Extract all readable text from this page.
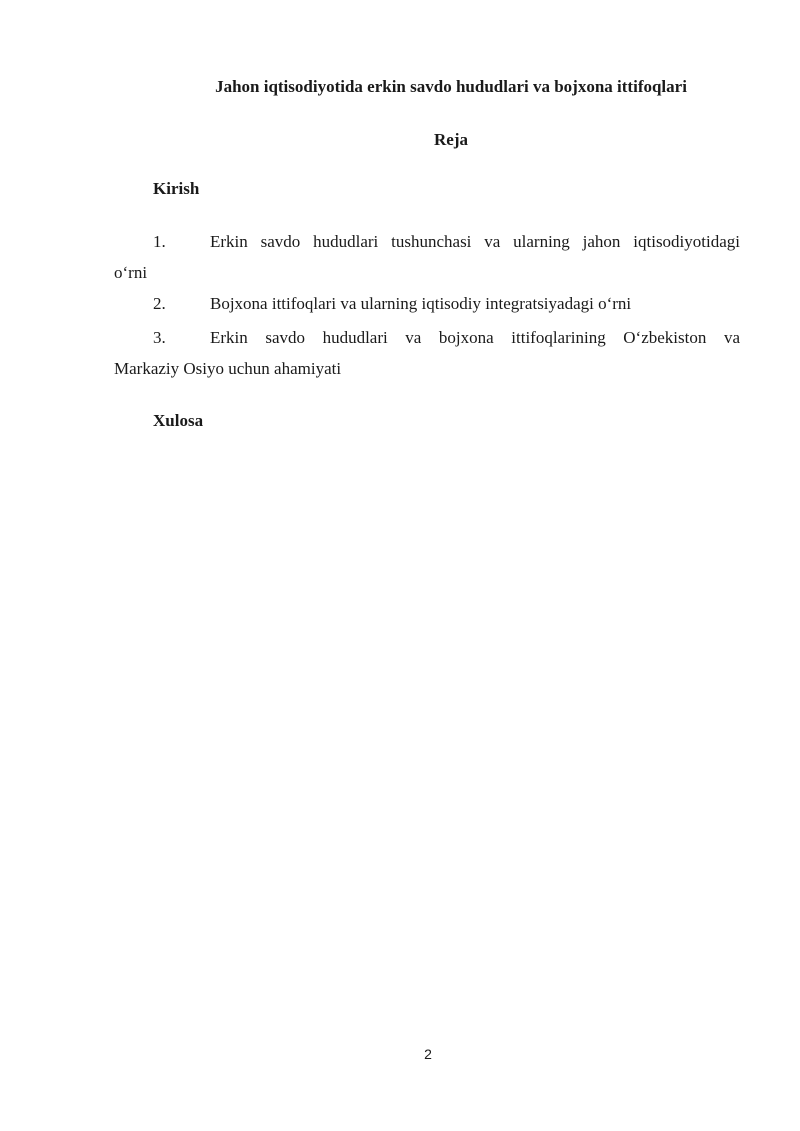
Jahon iqtisodiyotida erkin savdo hududlari va bojxona ittifoqlari
Reja
Kirish
1.	Erkin savdo hududlari tushunchasi va ularning jahon iqtisodiyotidagi
o‘rni
2.	Bojxona ittifoqlari va ularning iqtisodiy integratsiyadagi o‘rni
3.	Erkin savdo hududlari va bojxona ittifoqlarining O‘zbekiston va
Markaziy Osiyo uchun ahamiyati
Xulosa
2
